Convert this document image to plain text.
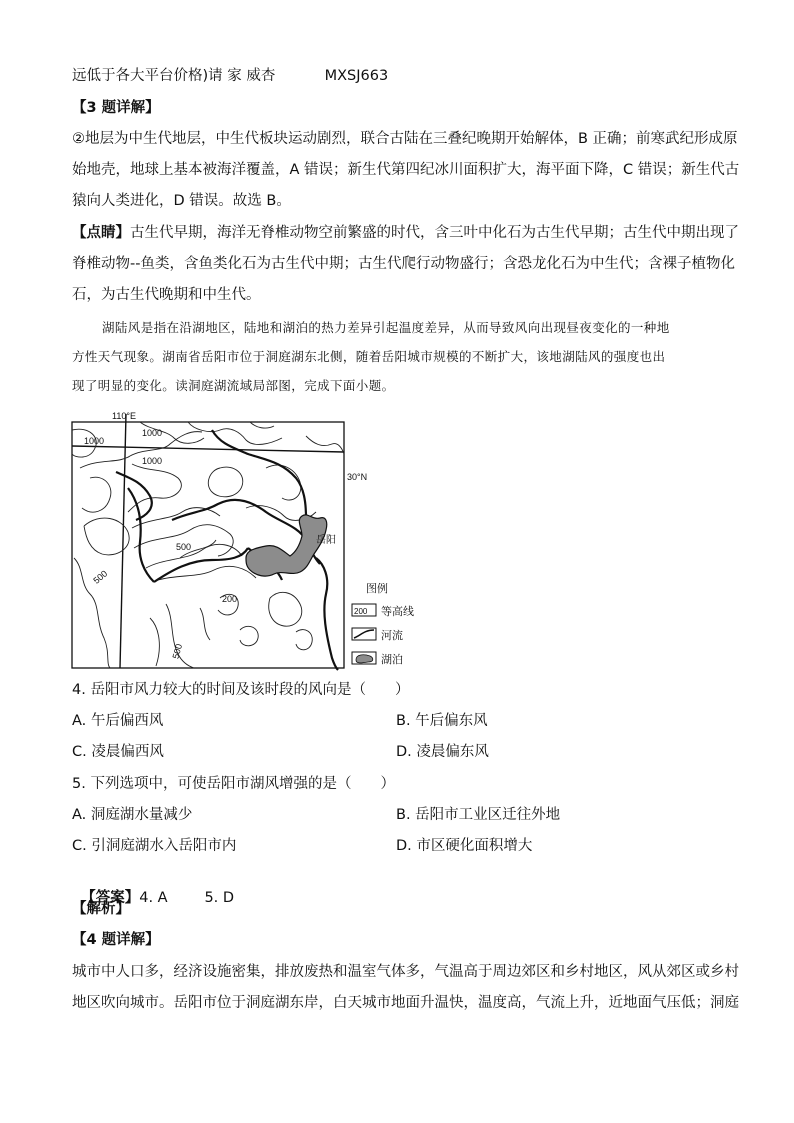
远低于各大平台价格)请 家 威杏	MXSJ663
【3 题详解】
②地层为中生代地层，中生代板块运动剧烈，联合古陆在三叠纪晚期开始解体，B 正确；前寒武纪形成原
始地壳，地球上基本被海洋覆盖，A 错误；新生代第四纪冰川面积扩大，海平面下降，C 错误；新生代古
猿向人类进化，D 错误。故选 B。
【点睛】古生代早期，海洋无脊椎动物空前繁盛的时代，含三叶中化石为古生代早期；古生代中期出现了
脊椎动物--鱼类，含鱼类化石为古生代中期；古生代爬行动物盛行；含恐龙化石为中生代；含裸子植物化
石，为古生代晚期和中生代。
湖陆风是指在沿湖地区，陆地和湖泊的热力差异引起温度差异，从而导致风向出现昼夜变化的一种地
方性天气现象。湖南省岳阳市位于洞庭湖东北侧，随着岳阳城市规模的不断扩大，该地湖陆风的强度也出
现了明显的变化。读洞庭湖流域局部图，完成下面小题。
110°E
30°N
岳阳
1000
1000
1000
500
500
200
500
图例
200 等高线
河流
湖泊
4. 岳阳市风力较大的时间及该时段的风向是（　　）
A. 午后偏西风	B. 午后偏东风
C. 凌晨偏西风	D. 凌晨偏东风
5. 下列选项中，可使岳阳市湖风增强的是（　　）
A. 洞庭湖水量减少	B. 岳阳市工业区迁往外地
C. 引洞庭湖水入岳阳市内	D. 市区硬化面积增大

【答案】4. A        5. D

【解析】
【4 题详解】
城市中人口多，经济设施密集，排放废热和温室气体多，气温高于周边郊区和乡村地区，风从郊区或乡村
地区吹向城市。岳阳市位于洞庭湖东岸，白天城市地面升温快，温度高，气流上升，近地面气压低；洞庭
